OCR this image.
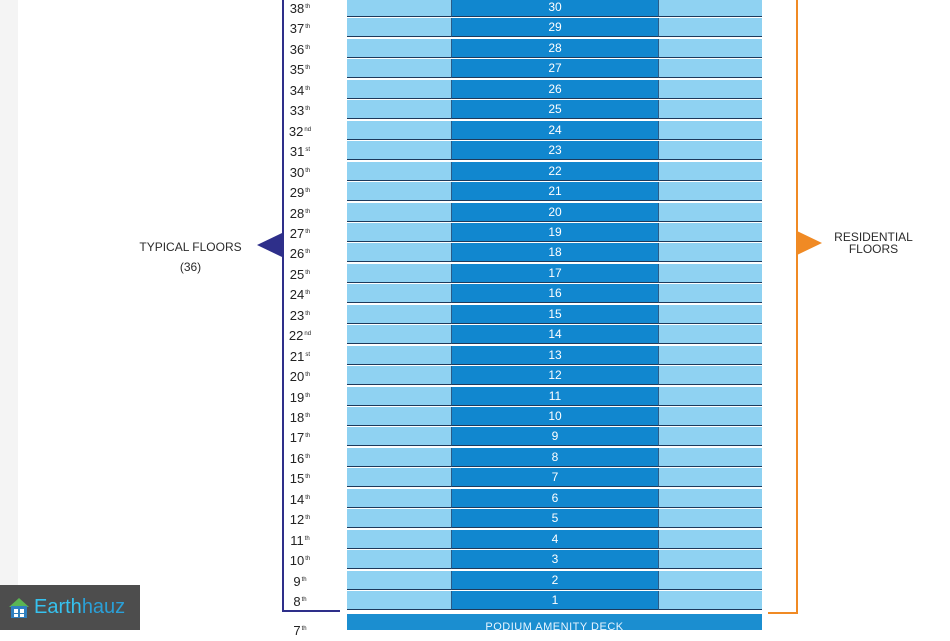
TYPICAL FLOORS
(36)
RESIDENTIAL
FLOORS
38th	30
37th	29
36th	28
35th	27
34th	26
33th	25
32nd	24
31st	23
30th	22
29th	21
28th	20
27th	19
26th	18
25th	17
24th	16
23th	15
22nd	14
21st	13
20th	12
19th	11
18th	10
17th	9
16th	8
15th	7
14th	6
12th	5
11th	4
10th	3
9th	2
8th	1
7th	PODIUM AMENITY DECK
Earthhauz
